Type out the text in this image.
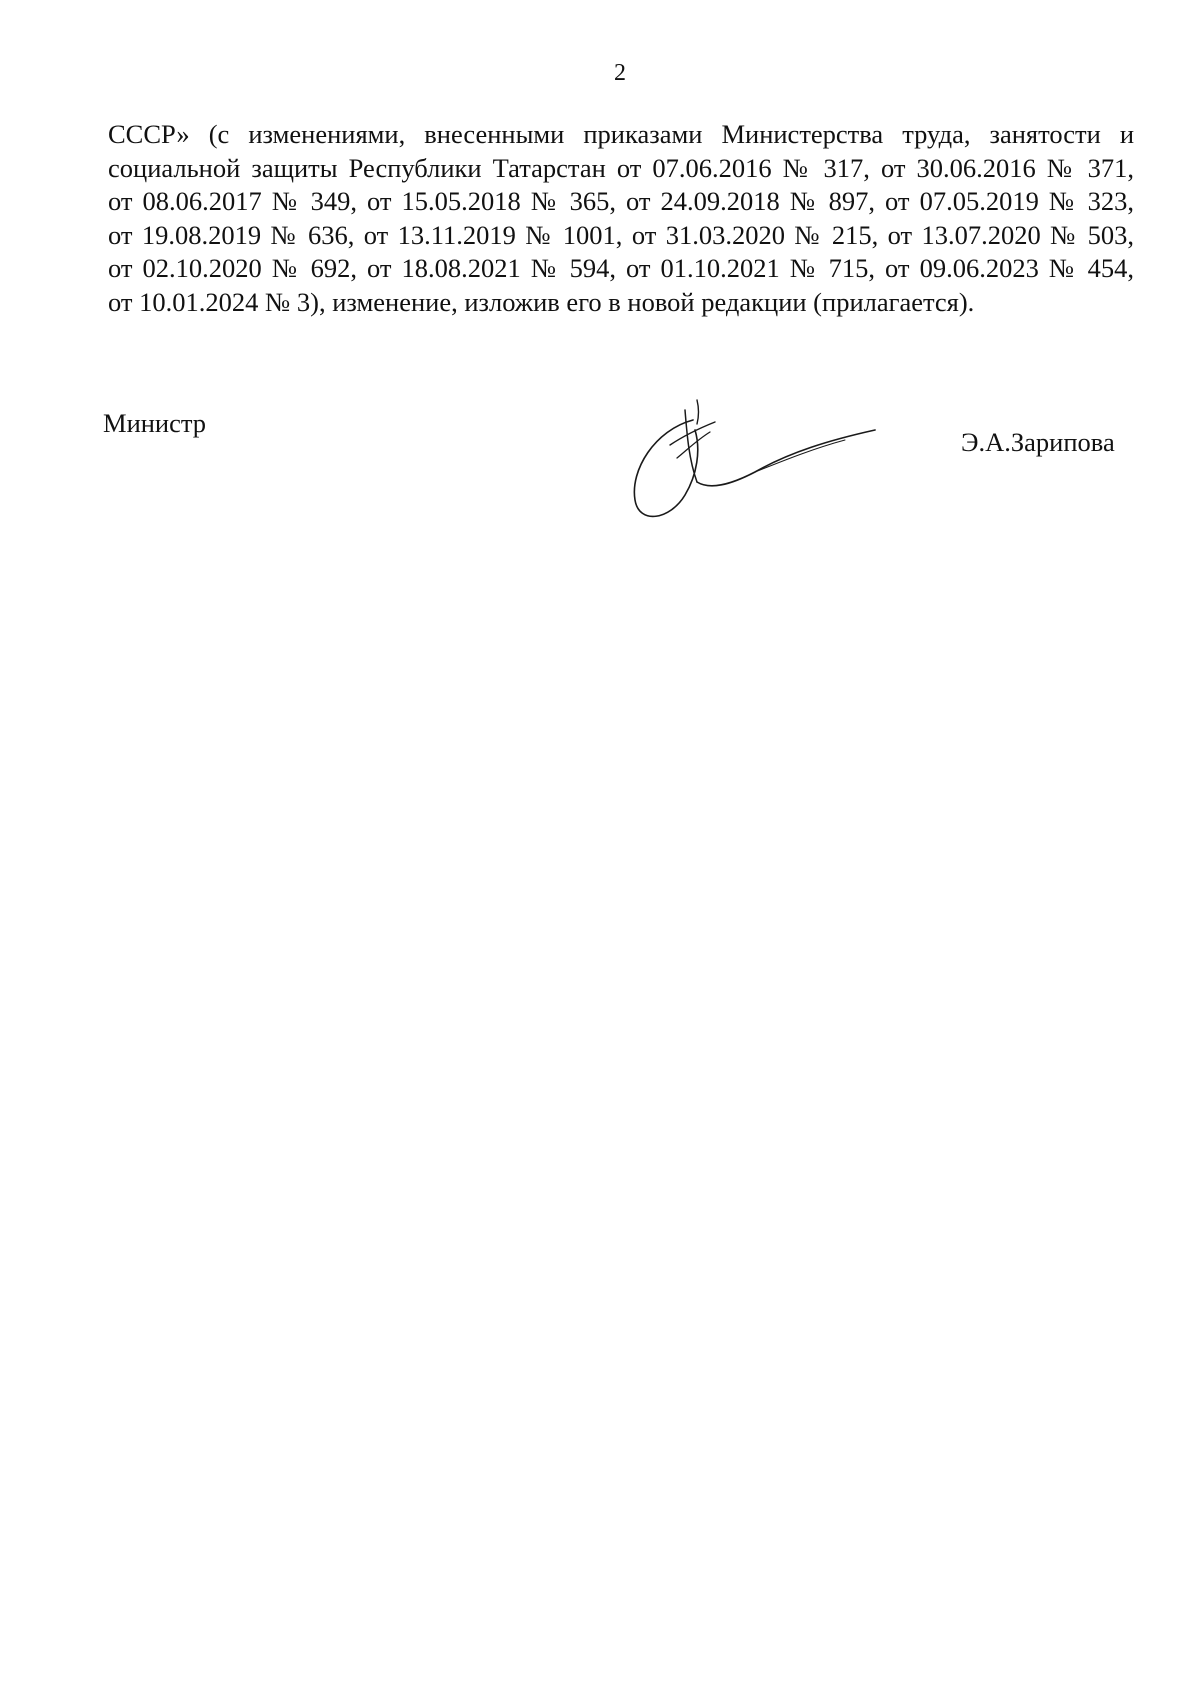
2

СССР» (с изменениями, внесенными приказами Министерства труда, занятости и
социальной защиты Республики Татарстан от 07.06.2016 № 317, от 30.06.2016 № 371,
от 08.06.2017 № 349, от 15.05.2018 № 365, от 24.09.2018 № 897, от 07.05.2019 № 323,
от 19.08.2019 № 636, от 13.11.2019 № 1001, от 31.03.2020 № 215, от 13.07.2020 № 503,
от 02.10.2020 № 692, от 18.08.2021 № 594, от 01.10.2021 № 715, от 09.06.2023 № 454,
от 10.01.2024 № 3), изменение, изложив его в новой редакции (прилагается).

Министр
Э.А.Зарипова
